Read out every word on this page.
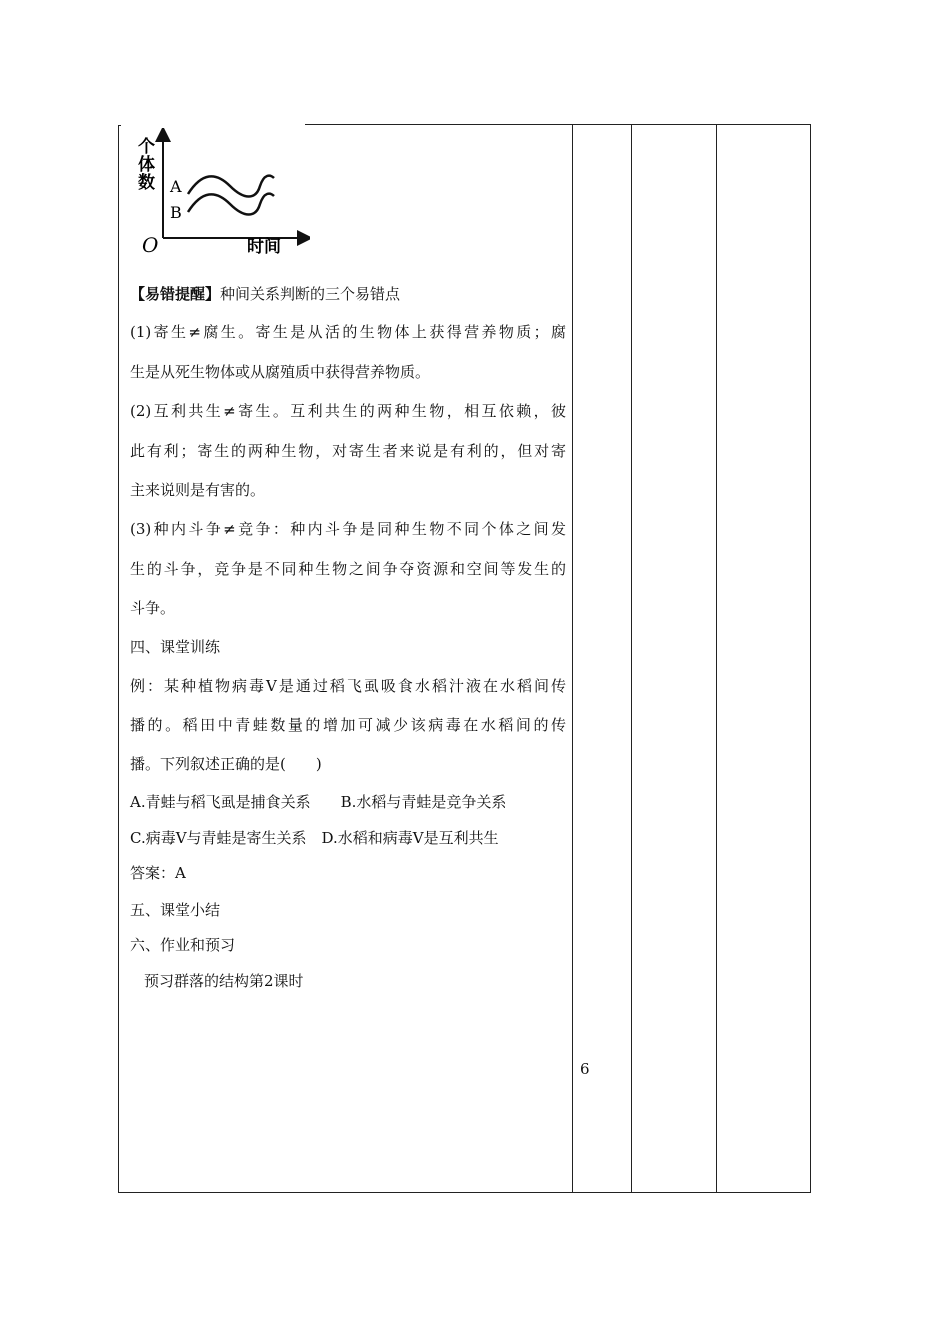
个
体
数 A
B
O	时间
【易错提醒】种间关系判断的三个易错点
(1)寄生≠腐生。寄生是从活的生物体上获得营养物质；腐
生是从死生物体或从腐殖质中获得营养物质。
(2)互利共生≠寄生。互利共生的两种生物，相互依赖，彼
此有利；寄生的两种生物，对寄生者来说是有利的，但对寄
主来说则是有害的。
(3)种内斗争≠竞争：种内斗争是同种生物不同个体之间发
生的斗争，竞争是不同种生物之间争夺资源和空间等发生的
斗争。
四、课堂训练
例：某种植物病毒Ⅴ是通过稻飞虱吸食水稻汁液在水稻间传
播的。稻田中青蛙数量的增加可减少该病毒在水稻间的传
播。下列叙述正确的是(　　)
A.青蛙与稻飞虱是捕食关系　　B.水稻与青蛙是竞争关系
C.病毒Ⅴ与青蛙是寄生关系　D.水稻和病毒Ⅴ是互利共生
答案：A
五、课堂小结
六、作业和预习
预习群落的结构第2课时
6
